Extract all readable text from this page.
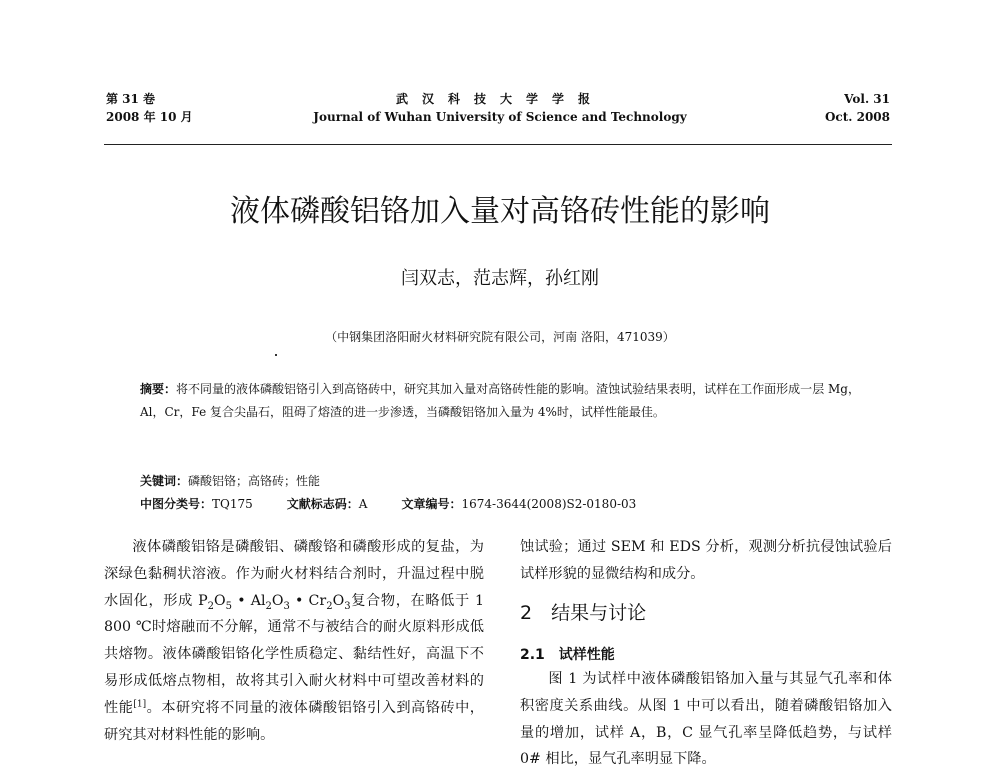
第 31 卷
2008 年 10 月
武汉科技大学学报
Journal of Wuhan University of Science and Technology
Vol. 31
Oct. 2008
液体磷酸铝铬加入量对高铬砖性能的影响
闫双志，范志辉，孙红刚
（中钢集团洛阳耐火材料研究院有限公司，河南 洛阳，471039）
摘要：将不同量的液体磷酸铝铬引入到高铬砖中，研究其加入量对高铬砖性能的影响。渣蚀试验结果表明，试样在工作面形成一层 Mg，Al，Cr，Fe 复合尖晶石，阻碍了熔渣的进一步渗透，当磷酸铝铬加入量为 4%时，试样性能最佳。
关键词：磷酸铝铬；高铬砖；性能
中图分类号：TQ175	文献标志码：A	文章编号：1674-3644(2008)S2-0180-03
液体磷酸铝铬是磷酸铝、磷酸铬和磷酸形成的复盐，为深绿色黏稠状溶液。作为耐火材料结合剂时，升温过程中脱水固化，形成 $P_2O_5$ • $Al_2O_3$ • $Cr_2O_3$复合物，在略低于 1 800 ℃时熔融而不分解，通常不与被结合的耐火原料形成低共熔物。液体磷酸铝铬化学性质稳定、黏结性好，高温下不易形成低熔点物相，故将其引入耐火材料中可望改善材料的性能[1]。本研究将不同量的液体磷酸铝铬引入到高铬砖中，研究其对材料性能的影响。
蚀试验；通过 SEM 和 EDS 分析，观测分析抗侵蚀试验后试样形貌的显微结构和成分。
2　结果与讨论
2.1　试样性能
图 1 为试样中液体磷酸铝铬加入量与其显气孔率和体积密度关系曲线。从图 1 中可以看出，随着磷酸铝铬加入量的增加，试样 A，B，C 显气孔率呈降低趋势，与试样 0# 相比，显气孔率明显下降。
